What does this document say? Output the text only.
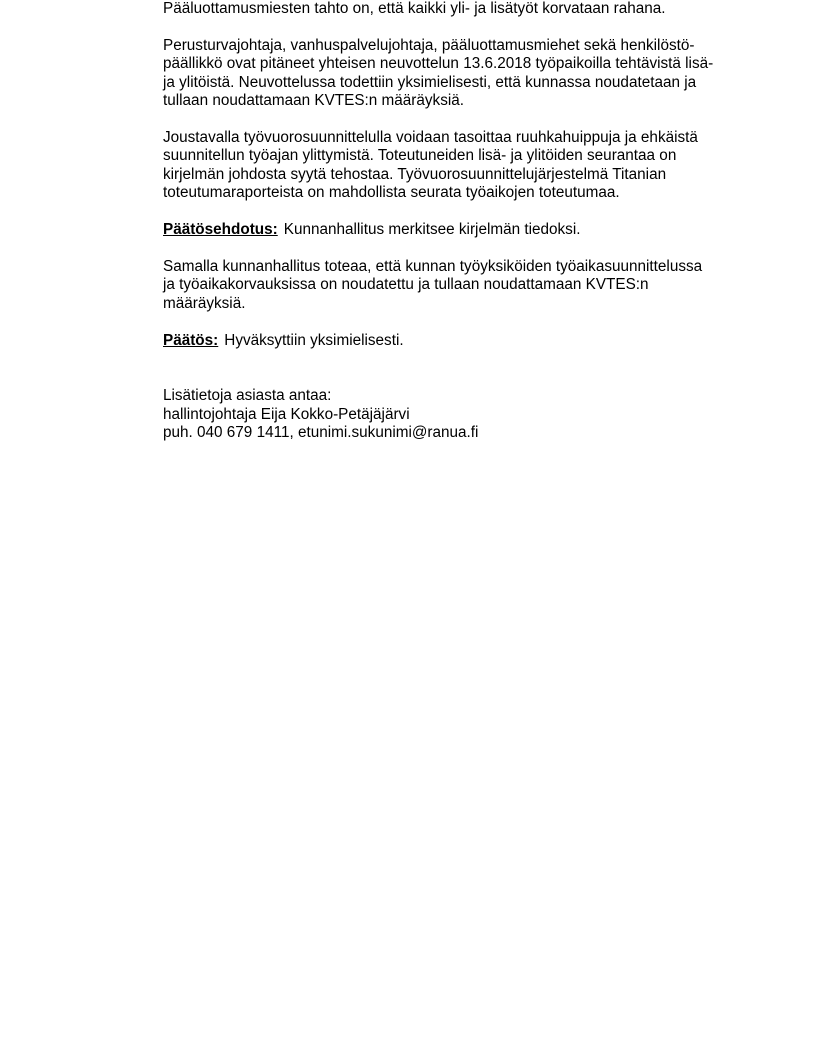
Pääluottamusmiesten tahto on, että kaikki yli- ja lisätyöt korvataan rahana.

Perusturvajohtaja, vanhuspalvelujohtaja, pääluottamusmiehet sekä henkilöstö-
päällikkö ovat pitäneet yhteisen neuvottelun 13.6.2018 työpaikoilla tehtävistä lisä-
ja ylitöistä. Neuvottelussa todettiin yksimielisesti, että kunnassa noudatetaan ja
tullaan noudattamaan KVTES:n määräyksiä.

Joustavalla työvuorosuunnittelulla voidaan tasoittaa ruuhkahuippuja ja ehkäistä
suunnitellun työajan ylittymistä. Toteutuneiden lisä- ja ylitöiden seurantaa on
kirjelmän johdosta syytä tehostaa. Työvuorosuunnittelujärjestelmä Titanian
toteutumaraporteista on mahdollista seurata työaikojen toteutumaa.

Päätösehdotus: Kunnanhallitus merkitsee kirjelmän tiedoksi.

Samalla kunnanhallitus toteaa, että kunnan työyksiköiden työaikasuunnittelussa
ja työaikakorvauksissa on noudatettu ja tullaan noudattamaan KVTES:n
määräyksiä.

Päätös: Hyväksyttiin yksimielisesti.

Lisätietoja asiasta antaa:

hallintojohtaja Eija Kokko-Petäjäjärvi

puh. 040 679 1411, etunimi.sukunimi@ranua.fi
